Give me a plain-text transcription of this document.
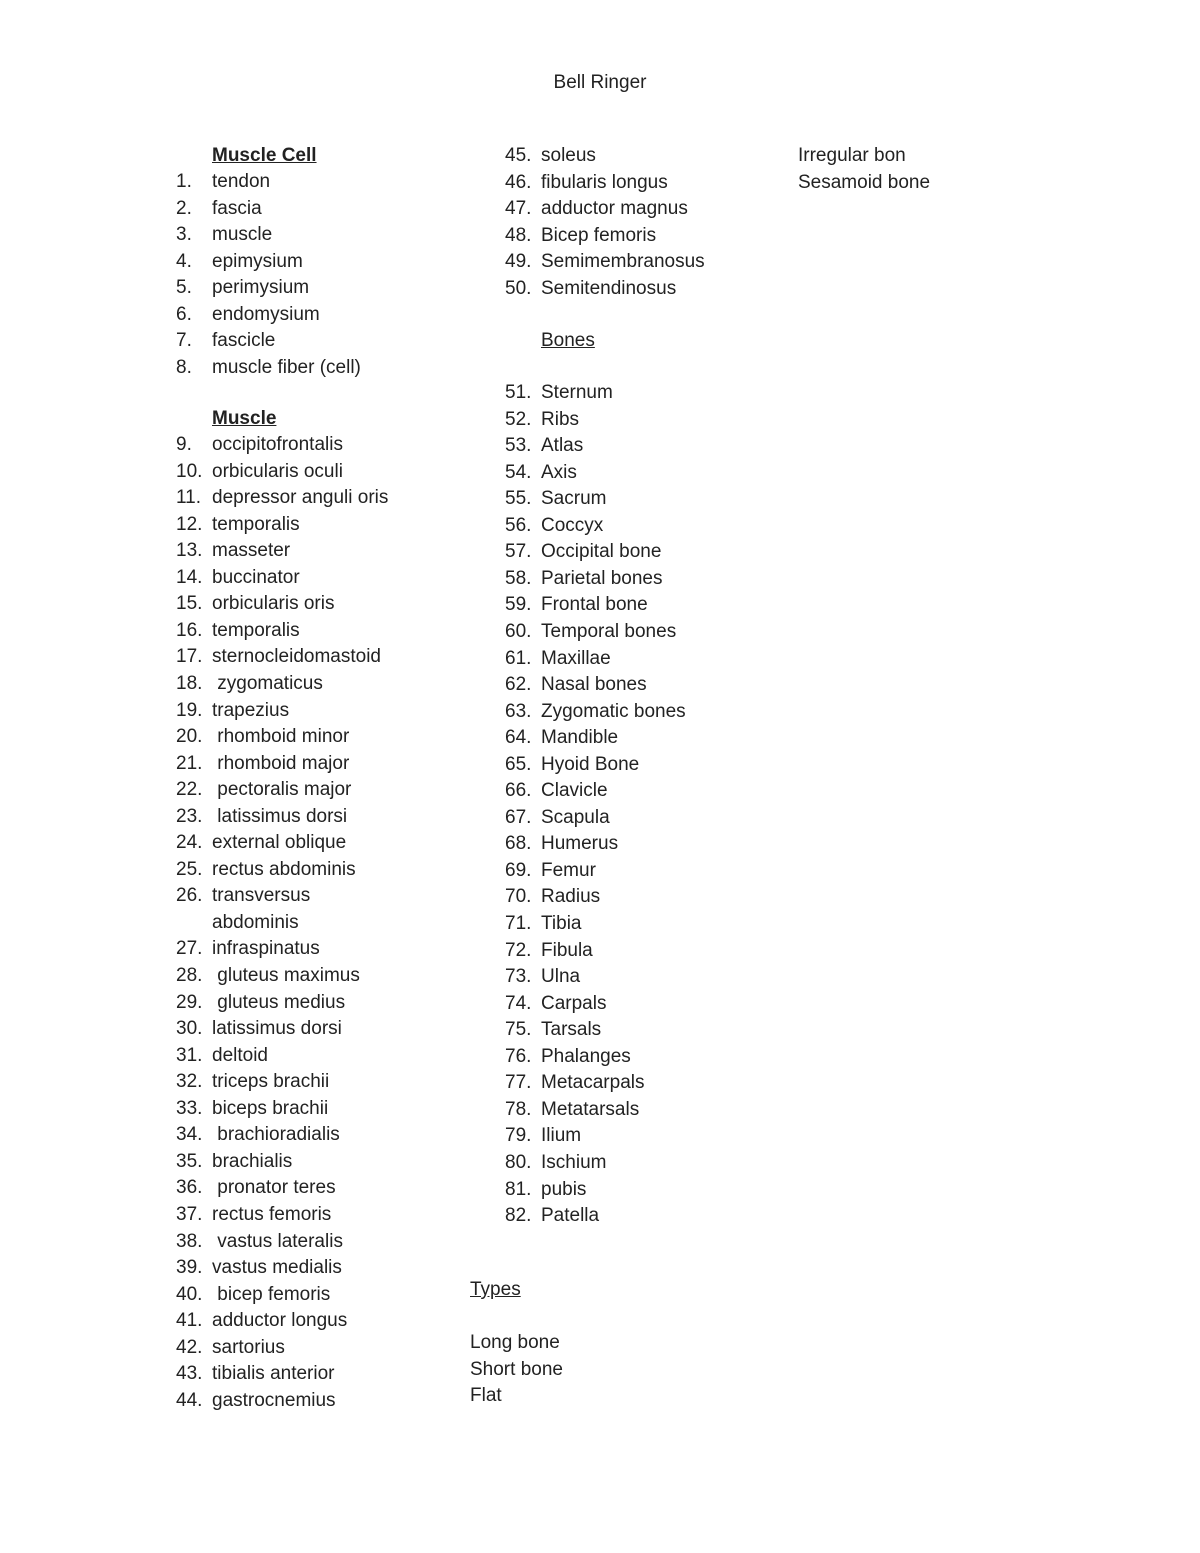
Bell Ringer
Muscle Cell
1. tendon
2. fascia
3. muscle
4. epimysium
5. perimysium
6. endomysium
7. fascicle
8. muscle fiber (cell)
Muscle
9. occipitofrontalis
10. orbicularis oculi
11. depressor anguli oris
12. temporalis
13. masseter
14. buccinator
15. orbicularis oris
16. temporalis
17. sternocleidomastoid
18. zygomaticus
19. trapezius
20. rhomboid minor
21. rhomboid major
22. pectoralis major
23. latissimus dorsi
24. external oblique
25. rectus abdominis
26. transversus
abdominis
27. infraspinatus
28. gluteus maximus
29. gluteus medius
30. latissimus dorsi
31. deltoid
32. triceps brachii
33. biceps brachii
34. brachioradialis
35. brachialis
36. pronator teres
37. rectus femoris
38. vastus lateralis
39. vastus medialis
40. bicep femoris
41. adductor longus
42. sartorius
43. tibialis anterior
44. gastrocnemius
45. soleus
46. fibularis longus
47. adductor magnus
48. Bicep femoris
49. Semimembranosus
50. Semitendinosus
Bones
51. Sternum
52. Ribs
53. Atlas
54. Axis
55. Sacrum
56. Coccyx
57. Occipital bone
58. Parietal bones
59. Frontal bone
60. Temporal bones
61. Maxillae
62. Nasal bones
63. Zygomatic bones
64. Mandible
65. Hyoid Bone
66. Clavicle
67. Scapula
68. Humerus
69. Femur
70. Radius
71. Tibia
72. Fibula
73. Ulna
74. Carpals
75. Tarsals
76. Phalanges
77. Metacarpals
78. Metatarsals
79. Ilium
80. Ischium
81. pubis
82. Patella
Types
Long bone
Short bone
Flat
Irregular bon
Sesamoid bone
